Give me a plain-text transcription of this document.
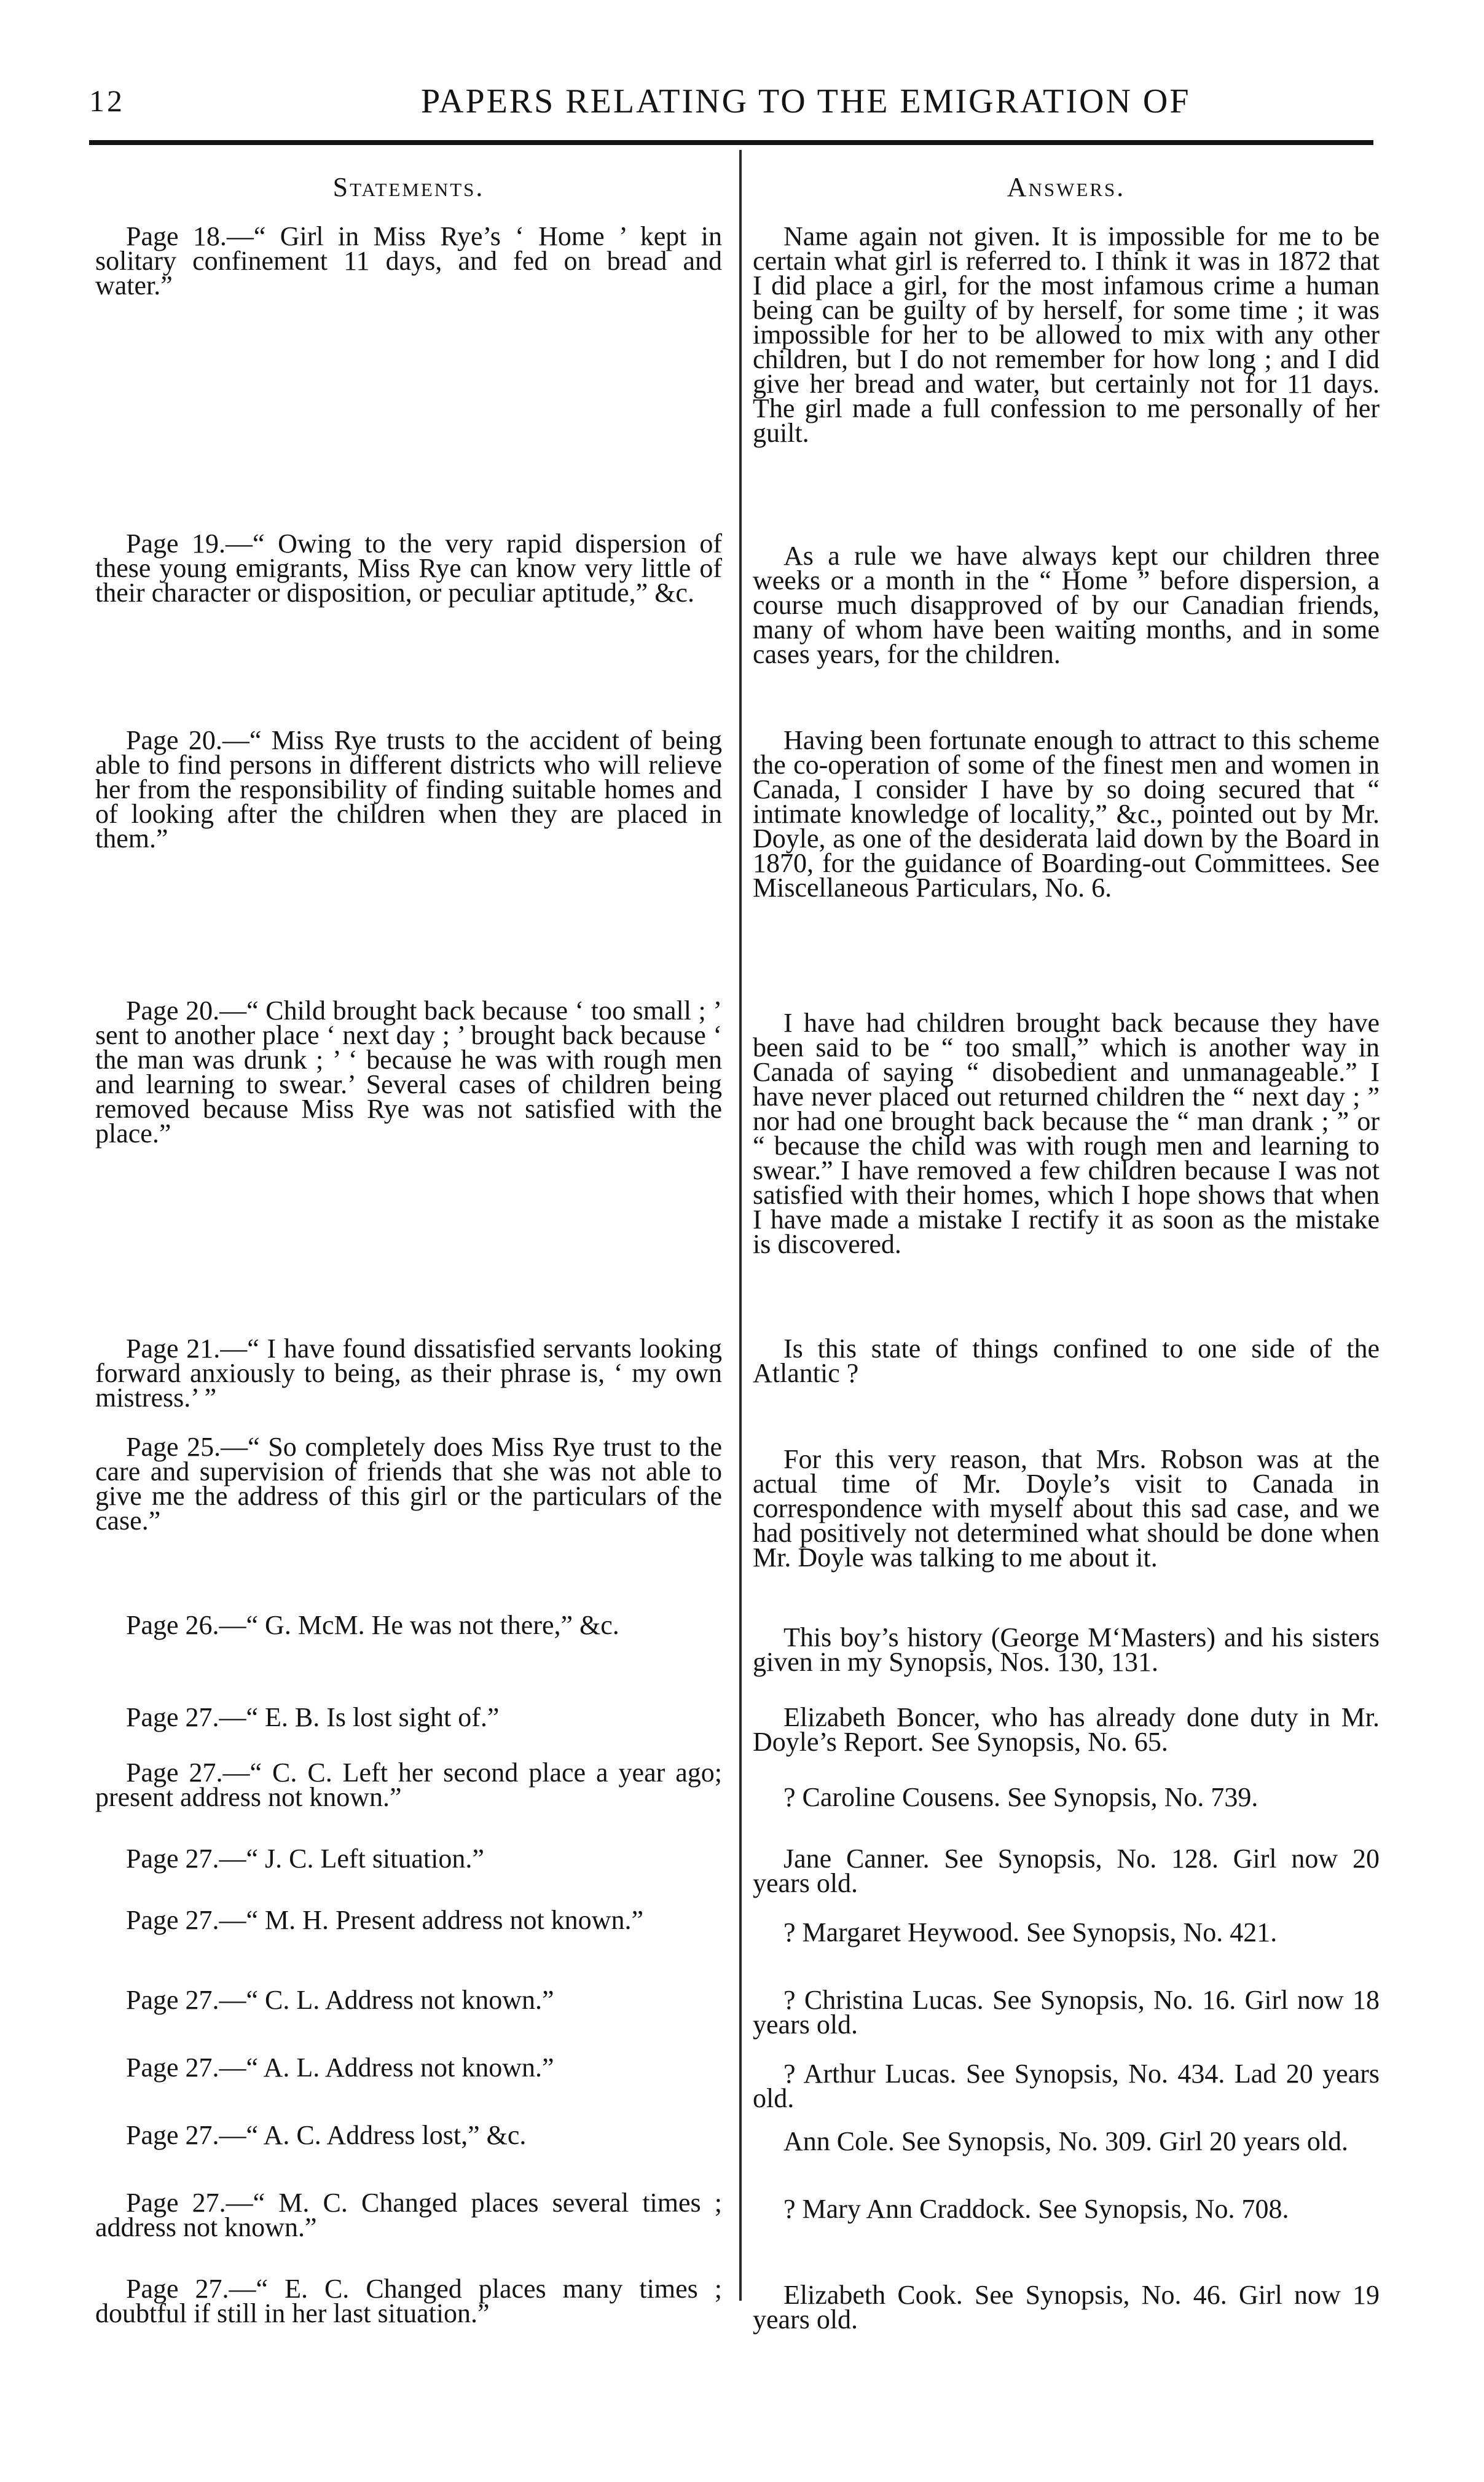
12	PAPERS RELATING TO THE EMIGRATION OF
Statements.

Page 18.—“ Girl in Miss Rye’s ‘ Home ’ kept in solitary confinement 11 days, and fed on bread and water.”

Page 19.—“ Owing to the very rapid dispersion of these young emigrants, Miss Rye can know very little of their character or disposition, or peculiar aptitude,” &c.

Page 20.—“ Miss Rye trusts to the accident of being able to find persons in different districts who will relieve her from the responsibility of finding suitable homes and of looking after the children when they are placed in them.”

Page 20.—“ Child brought back because ‘ too small ; ’ sent to another place ‘ next day ; ’ brought back because ‘ the man was drunk ; ’ ‘ because he was with rough men and learning to swear.’ Several cases of children being removed because Miss Rye was not satisfied with the place.”

Page 21.—“ I have found dissatisfied servants looking forward anxiously to being, as their phrase is, ‘ my own mistress.’ ”

Page 25.—“ So completely does Miss Rye trust to the care and supervision of friends that she was not able to give me the address of this girl or the particulars of the case.”

Page 26.—“ G. McM. He was not there,” &c.

Page 27.—“ E. B. Is lost sight of.”

Page 27.—“ C. C. Left her second place a year ago; present address not known.”

Page 27.—“ J. C. Left situation.”

Page 27.—“ M. H. Present address not known.”

Page 27.—“ C. L. Address not known.”

Page 27.—“ A. L. Address not known.”

Page 27.—“ A. C. Address lost,” &c.

Page 27.—“ M. C. Changed places several times ; address not known.”

Page 27.—“ E. C. Changed places many times ; doubtful if still in her last situation.”

Answers.

Name again not given. It is impossible for me to be certain what girl is referred to. I think it was in 1872 that I did place a girl, for the most infamous crime a human being can be guilty of by herself, for some time ; it was impossible for her to be allowed to mix with any other children, but I do not remember for how long ; and I did give her bread and water, but certainly not for 11 days. The girl made a full confession to me personally of her guilt.

As a rule we have always kept our children three weeks or a month in the “ Home ” before dispersion, a course much disapproved of by our Canadian friends, many of whom have been waiting months, and in some cases years, for the children.

Having been fortunate enough to attract to this scheme the co-operation of some of the finest men and women in Canada, I consider I have by so doing secured that “ intimate knowledge of locality,” &c., pointed out by Mr. Doyle, as one of the desiderata laid down by the Board in 1870, for the guidance of Boarding-out Committees. See Miscellaneous Particulars, No. 6.

I have had children brought back because they have been said to be “ too small,” which is another way in Canada of saying “ disobedient and unmanageable.” I have never placed out returned children the “ next day ; ” nor had one brought back because the “ man drank ; ” or “ because the child was with rough men and learning to swear.” I have removed a few children because I was not satisfied with their homes, which I hope shows that when I have made a mistake I rectify it as soon as the mistake is discovered.

Is this state of things confined to one side of the Atlantic ?

For this very reason, that Mrs. Robson was at the actual time of Mr. Doyle’s visit to Canada in correspondence with myself about this sad case, and we had positively not determined what should be done when Mr. Doyle was talking to me about it.

This boy’s history (George M‘Masters) and his sisters given in my Synopsis, Nos. 130, 131.

Elizabeth Boncer, who has already done duty in Mr. Doyle’s Report. See Synopsis, No. 65.

? Caroline Cousens. See Synopsis, No. 739.

Jane Canner. See Synopsis, No. 128. Girl now 20 years old.

? Margaret Heywood. See Synopsis, No. 421.

? Christina Lucas. See Synopsis, No. 16. Girl now 18 years old.

? Arthur Lucas. See Synopsis, No. 434. Lad 20 years old.

Ann Cole. See Synopsis, No. 309. Girl 20 years old.

? Mary Ann Craddock. See Synopsis, No. 708.

Elizabeth Cook. See Synopsis, No. 46. Girl now 19 years old.
